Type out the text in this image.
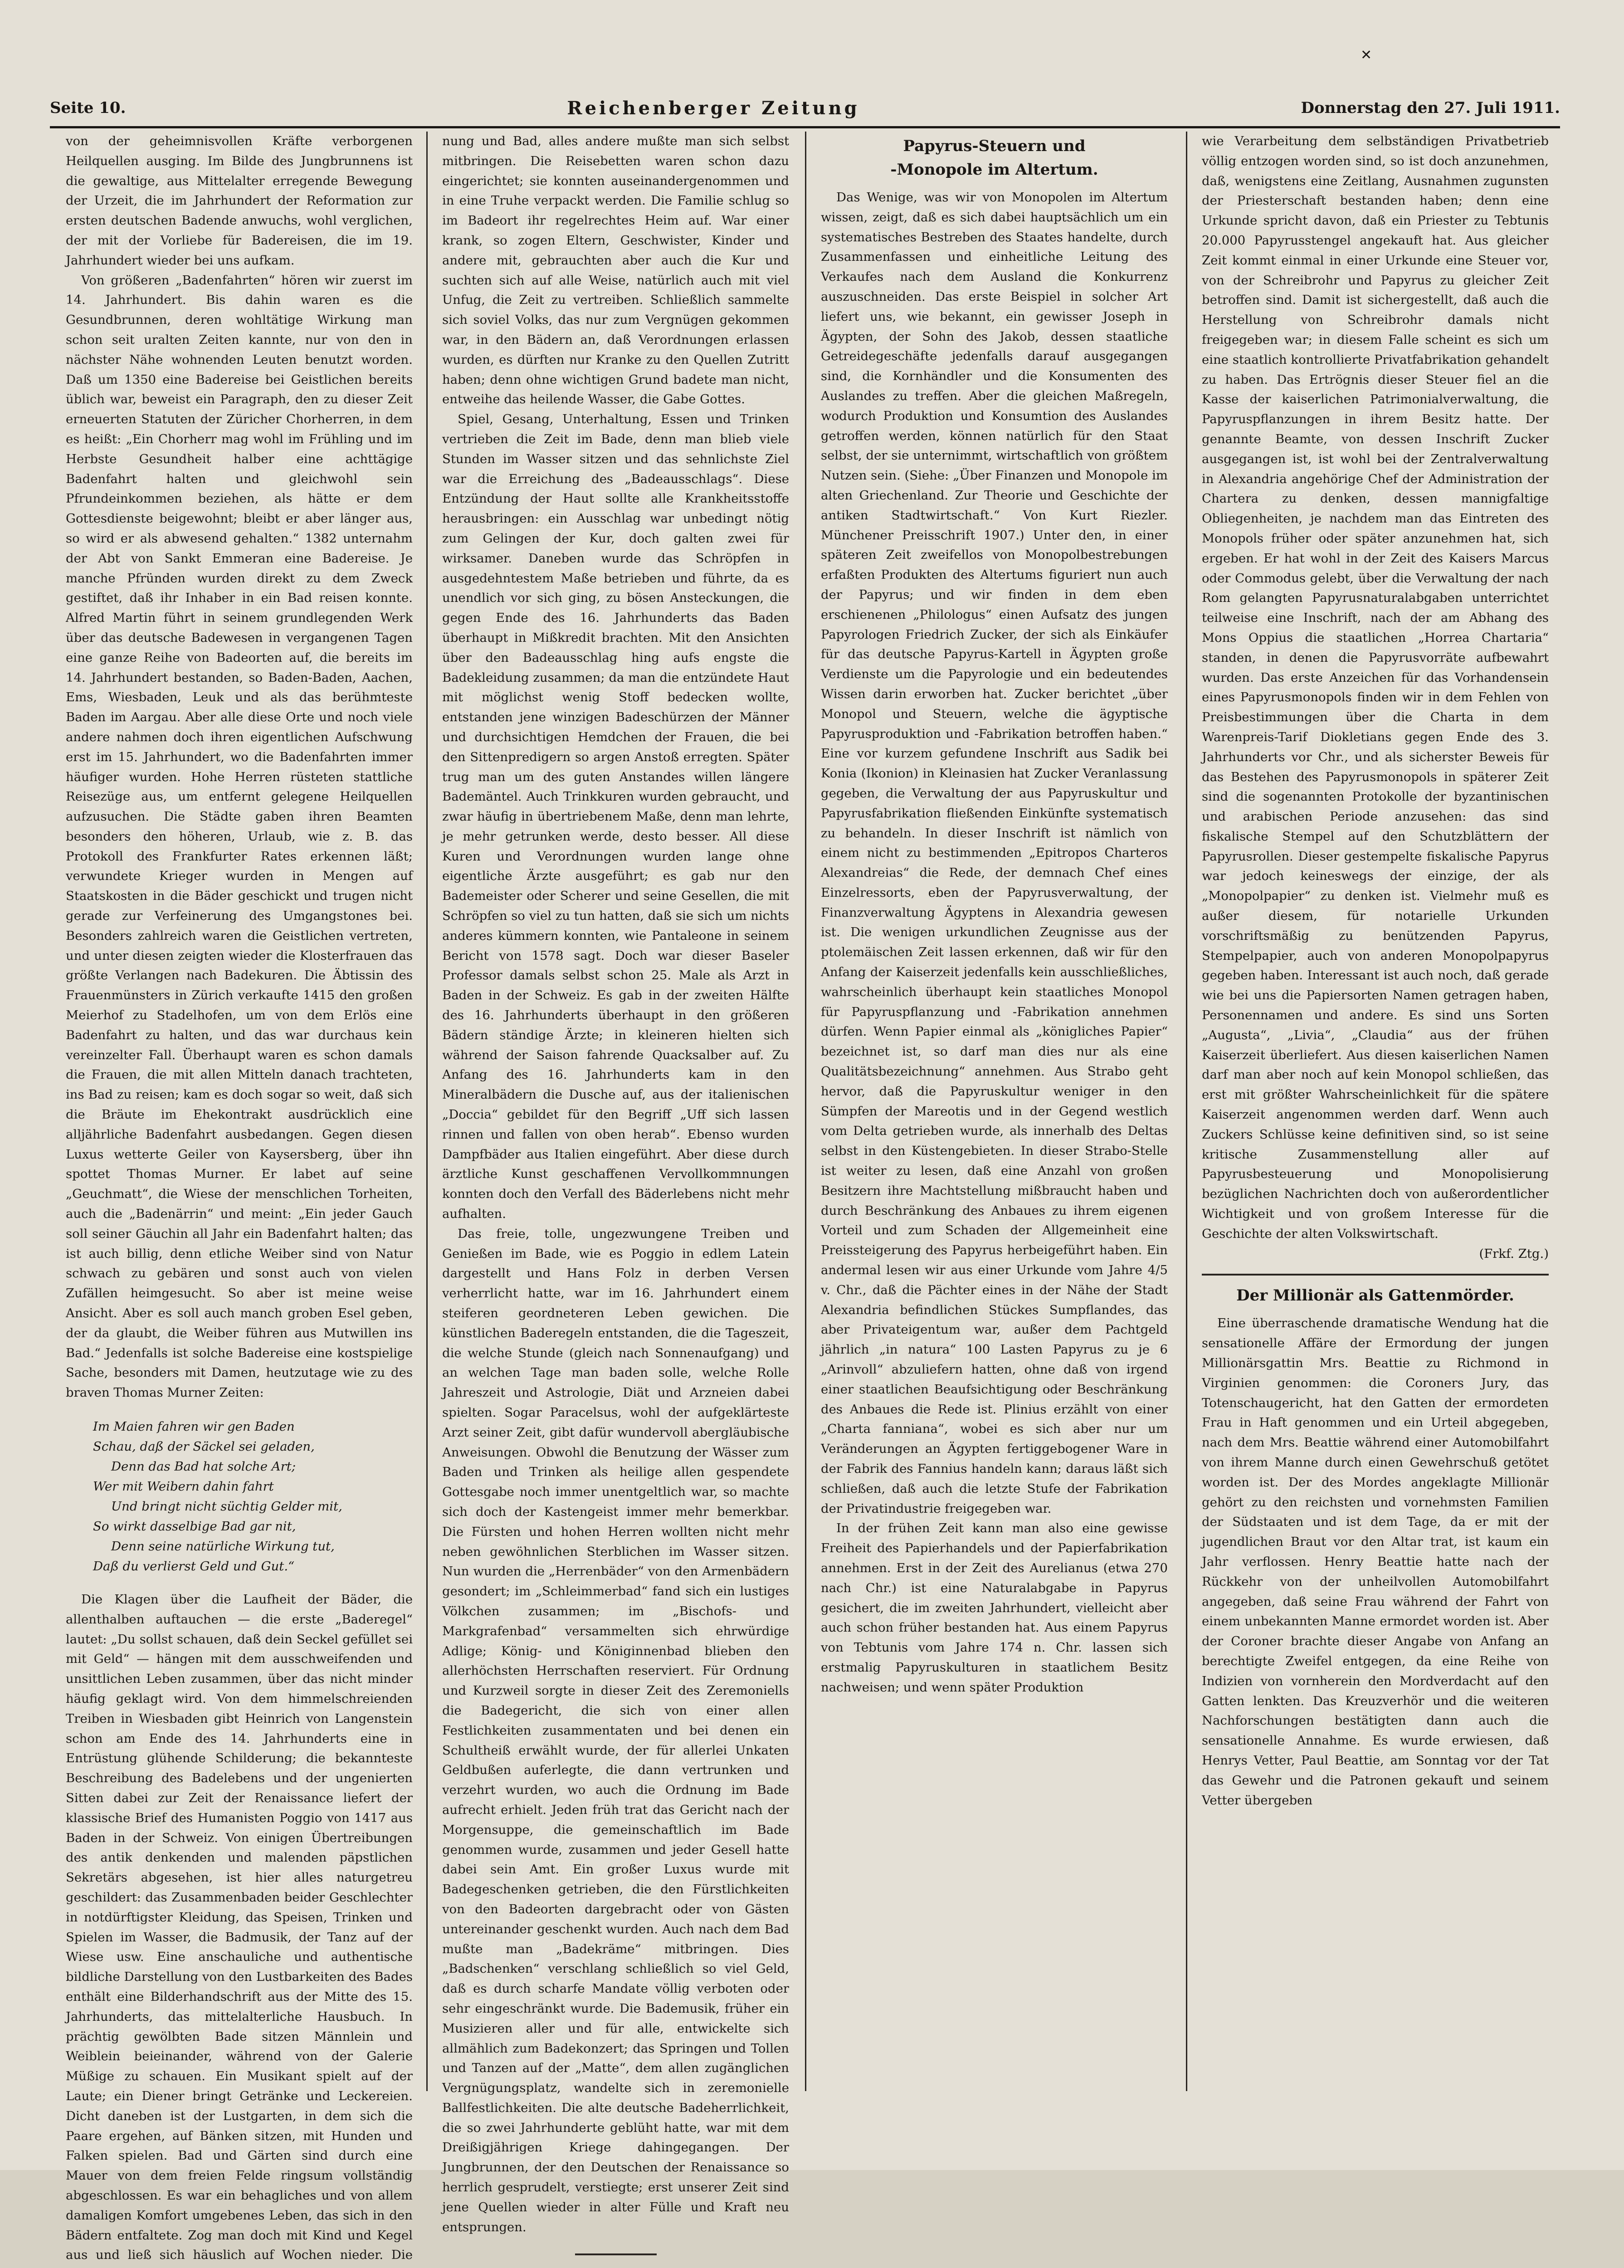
✕
Seite 10.	Reichenberger Zeitung	Donnerstag den 27. Juli 1911.

von der geheimnisvollen Kräfte verborgenen Heilquellen ausging. Im Bilde des Jungbrunnens ist die gewaltige, aus Mittelalter erregende Bewegung der Urzeit, die im Jahrhundert der Reformation zur ersten deutschen Badende anwuchs, wohl verglichen, der mit der Vorliebe für Badereisen, die im 19. Jahrhundert wieder bei uns aufkam.

Von größeren „Badenfahrten“ hören wir zuerst im 14. Jahrhundert. Bis dahin waren es die Gesundbrunnen, deren wohltätige Wirkung man schon seit uralten Zeiten kannte, nur von den in nächster Nähe wohnenden Leuten benutzt worden. Daß um 1350 eine Badereise bei Geistlichen bereits üblich war, beweist ein Paragraph, den zu dieser Zeit erneuerten Statuten der Züricher Chorherren, in dem es heißt: „Ein Chorherr mag wohl im Frühling und im Herbste Gesundheit halber eine achttägige Badenfahrt halten und gleichwohl sein Pfrundeinkommen beziehen, als hätte er dem Gottesdienste beigewohnt; bleibt er aber länger aus, so wird er als abwesend gehalten.“ 1382 unternahm der Abt von Sankt Emmeran eine Badereise. Je manche Pfründen wurden direkt zu dem Zweck gestiftet, daß ihr Inhaber in ein Bad reisen konnte. Alfred Martin führt in seinem grundlegenden Werk über das deutsche Badewesen in vergangenen Tagen eine ganze Reihe von Badeorten auf, die bereits im 14. Jahrhundert bestanden, so Baden-Baden, Aachen, Ems, Wiesbaden, Leuk und als das berühmteste Baden im Aargau. Aber alle diese Orte und noch viele andere nahmen doch ihren eigentlichen Aufschwung erst im 15. Jahrhundert, wo die Badenfahrten immer häufiger wurden. Hohe Herren rüsteten stattliche Reisezüge aus, um entfernt gelegene Heilquellen aufzusuchen. Die Städte gaben ihren Beamten besonders den höheren, Urlaub, wie z. B. das Protokoll des Frankfurter Rates erkennen läßt; verwundete Krieger wurden in Mengen auf Staatskosten in die Bäder geschickt und trugen nicht gerade zur Verfeinerung des Umgangstones bei. Besonders zahlreich waren die Geistlichen vertreten, und unter diesen zeigten wieder die Klosterfrauen das größte Verlangen nach Badekuren. Die Äbtissin des Frauenmünsters in Zürich verkaufte 1415 den großen Meierhof zu Stadelhofen, um von dem Erlös eine Badenfahrt zu halten, und das war durchaus kein vereinzelter Fall. Überhaupt waren es schon damals die Frauen, die mit allen Mitteln danach trachteten, ins Bad zu reisen; kam es doch sogar so weit, daß sich die Bräute im Ehekontrakt ausdrücklich eine alljährliche Badenfahrt ausbedangen. Gegen diesen Luxus wetterte Geiler von Kaysersberg, über ihn spottet Thomas Murner. Er labet auf seine „Geuchmatt“, die Wiese der menschlichen Torheiten, auch die „Badenärrin“ und meint: „Ein jeder Gauch soll seiner Gäuchin all Jahr ein Badenfahrt halten; das ist auch billig, denn etliche Weiber sind von Natur schwach zu gebären und sonst auch von vielen Zufällen heimgesucht. So aber ist meine weise Ansicht. Aber es soll auch manch groben Esel geben, der da glaubt, die Weiber führen aus Mutwillen ins Bad.“ Jedenfalls ist solche Badereise eine kostspielige Sache, besonders mit Damen, heutzutage wie zu des braven Thomas Murner Zeiten:

Im Maien fahren wir gen Baden
Schau, daß der Säckel sei geladen,
Denn das Bad hat solche Art;
Wer mit Weibern dahin fahrt
Und bringt nicht süchtig Gelder mit,
So wirkt dasselbige Bad gar nit,
Denn seine natürliche Wirkung tut,
Daß du verlierst Geld und Gut.“

Die Klagen über die Laufheit der Bäder, die allenthalben auftauchen — die erste „Baderegel“ lautet: „Du sollst schauen, daß dein Seckel gefüllet sei mit Geld“ — hängen mit dem ausschweifenden und unsittlichen Leben zusammen, über das nicht minder häufig geklagt wird. Von dem himmelschreienden Treiben in Wiesbaden gibt Heinrich von Langenstein schon am Ende des 14. Jahrhunderts eine in Entrüstung glühende Schilderung; die bekannteste Beschreibung des Badelebens und der ungenierten Sitten dabei zur Zeit der Renaissance liefert der klassische Brief des Humanisten Poggio von 1417 aus Baden in der Schweiz. Von einigen Übertreibungen des antik denkenden und malenden päpstlichen Sekretärs abgesehen, ist hier alles naturgetreu geschildert: das Zusammenbaden beider Geschlechter in notdürftigster Kleidung, das Speisen, Trinken und Spielen im Wasser, die Badmusik, der Tanz auf der Wiese usw. Eine anschauliche und authentische bildliche Darstellung von den Lustbarkeiten des Bades enthält eine Bilderhandschrift aus der Mitte des 15. Jahrhunderts, das mittelalterliche Hausbuch. In prächtig gewölbten Bade sitzen Männlein und Weiblein beieinander, während von der Galerie Müßige zu schauen. Ein Musikant spielt auf der Laute; ein Diener bringt Getränke und Leckereien. Dicht daneben ist der Lustgarten, in dem sich die Paare ergehen, auf Bänken sitzen, mit Hunden und Falken spielen. Bad und Gärten sind durch eine Mauer von dem freien Felde ringsum vollständig abgeschlossen. Es war ein behagliches und von allem damaligen Komfort umgebenes Leben, das sich in den Bädern entfaltete. Zog man doch mit Kind und Kegel aus und ließ sich häuslich auf Wochen nieder. Die

nung und Bad, alles andere mußte man sich selbst mitbringen. Die Reisebetten waren schon dazu eingerichtet; sie konnten auseinandergenommen und in eine Truhe verpackt werden. Die Familie schlug so im Badeort ihr regelrechtes Heim auf. War einer krank, so zogen Eltern, Geschwister, Kinder und andere mit, gebrauchten aber auch die Kur und suchten sich auf alle Weise, natürlich auch mit viel Unfug, die Zeit zu vertreiben. Schließlich sammelte sich soviel Volks, das nur zum Vergnügen gekommen war, in den Bädern an, daß Verordnungen erlassen wurden, es dürften nur Kranke zu den Quellen Zutritt haben; denn ohne wichtigen Grund badete man nicht, entweihe das heilende Wasser, die Gabe Gottes.

Spiel, Gesang, Unterhaltung, Essen und Trinken vertrieben die Zeit im Bade, denn man blieb viele Stunden im Wasser sitzen und das sehnlichste Ziel war die Erreichung des „Badeausschlags“. Diese Entzündung der Haut sollte alle Krankheitsstoffe herausbringen: ein Ausschlag war unbedingt nötig zum Gelingen der Kur, doch galten zwei für wirksamer. Daneben wurde das Schröpfen in ausgedehntestem Maße betrieben und führte, da es unendlich vor sich ging, zu bösen Ansteckungen, die gegen Ende des 16. Jahrhunderts das Baden überhaupt in Mißkredit brachten. Mit den Ansichten über den Badeausschlag hing aufs engste die Badekleidung zusammen; da man die entzündete Haut mit möglichst wenig Stoff bedecken wollte, entstanden jene winzigen Badeschürzen der Männer und durchsichtigen Hemdchen der Frauen, die bei den Sittenpredigern so argen Anstoß erregten. Später trug man um des guten Anstandes willen längere Bademäntel. Auch Trinkkuren wurden gebraucht, und zwar häufig in übertriebenem Maße, denn man lehrte, je mehr getrunken werde, desto besser. All diese Kuren und Verordnungen wurden lange ohne eigentliche Ärzte ausgeführt; es gab nur den Bademeister oder Scherer und seine Gesellen, die mit Schröpfen so viel zu tun hatten, daß sie sich um nichts anderes kümmern konnten, wie Pantaleone in seinem Bericht von 1578 sagt. Doch war dieser Baseler Professor damals selbst schon 25. Male als Arzt in Baden in der Schweiz. Es gab in der zweiten Hälfte des 16. Jahrhunderts überhaupt in den größeren Bädern ständige Ärzte; in kleineren hielten sich während der Saison fahrende Quacksalber auf. Zu Anfang des 16. Jahrhunderts kam in den Mineralbädern die Dusche auf, aus der italienischen „Doccia“ gebildet für den Begriff „Uff sich lassen rinnen und fallen von oben herab“. Ebenso wurden Dampfbäder aus Italien eingeführt. Aber diese durch ärztliche Kunst geschaffenen Vervollkommnungen konnten doch den Verfall des Bäderlebens nicht mehr aufhalten.

Das freie, tolle, ungezwungene Treiben und Genießen im Bade, wie es Poggio in edlem Latein dargestellt und Hans Folz in derben Versen verherrlicht hatte, war im 16. Jahrhundert einem steiferen geordneteren Leben gewichen. Die künstlichen Baderegeln entstanden, die die Tageszeit, die welche Stunde (gleich nach Sonnenaufgang) und an welchen Tage man baden solle, welche Rolle Jahreszeit und Astrologie, Diät und Arzneien dabei spielten. Sogar Paracelsus, wohl der aufgeklärteste Arzt seiner Zeit, gibt dafür wundervoll abergläubische Anweisungen. Obwohl die Benutzung der Wässer zum Baden und Trinken als heilige allen gespendete Gottesgabe noch immer unentgeltlich war, so machte sich doch der Kastengeist immer mehr bemerkbar. Die Fürsten und hohen Herren wollten nicht mehr neben gewöhnlichen Sterblichen im Wasser sitzen. Nun wurden die „Herrenbäder“ von den Armenbädern gesondert; im „Schleimmerbad“ fand sich ein lustiges Völkchen zusammen; im „Bischofs- und Markgrafenbad“ versammelten sich ehrwürdige Adlige; König- und Königinnenbad blieben den allerhöchsten Herrschaften reserviert. Für Ordnung und Kurzweil sorgte in dieser Zeit des Zeremoniells die Badegericht, die sich von einer allen Festlichkeiten zusammentaten und bei denen ein Schultheiß erwählt wurde, der für allerlei Unkaten Geldbußen auferlegte, die dann vertrunken und verzehrt wurden, wo auch die Ordnung im Bade aufrecht erhielt. Jeden früh trat das Gericht nach der Morgensuppe, die gemeinschaftlich im Bade genommen wurde, zusammen und jeder Gesell hatte dabei sein Amt. Ein großer Luxus wurde mit Badegeschenken getrieben, die den Fürstlichkeiten von den Badeorten dargebracht oder von Gästen untereinander geschenkt wurden. Auch nach dem Bad mußte man „Badekräme“ mitbringen. Dies „Badschenken“ verschlang schließlich so viel Geld, daß es durch scharfe Mandate völlig verboten oder sehr eingeschränkt wurde. Die Bademusik, früher ein Musizieren aller und für alle, entwickelte sich allmählich zum Badekonzert; das Springen und Tollen und Tanzen auf der „Matte“, dem allen zugänglichen Vergnügungsplatz, wandelte sich in zeremonielle Ballfestlichkeiten. Die alte deutsche Badeherrlichkeit, die so zwei Jahrhunderte geblüht hatte, war mit dem Dreißigjährigen Kriege dahingegangen. Der Jungbrunnen, der den Deutschen der Renaissance so herrlich gesprudelt, verstiegte; erst unserer Zeit sind jene Quellen wieder in alter Fülle und Kraft neu entsprungen.

Papyrus-Steuern und
-Monopole im Altertum.

Das Wenige, was wir von Monopolen im Altertum wissen, zeigt, daß es sich dabei hauptsächlich um ein systematisches Bestreben des Staates handelte, durch Zusammenfassen und einheitliche Leitung des Verkaufes nach dem Ausland die Konkurrenz auszuschneiden. Das erste Beispiel in solcher Art liefert uns, wie bekannt, ein gewisser Joseph in Ägypten, der Sohn des Jakob, dessen staatliche Getreidegeschäfte jedenfalls darauf ausgegangen sind, die Kornhändler und die Konsumenten des Auslandes zu treffen. Aber die gleichen Maßregeln, wodurch Produktion und Konsumtion des Auslandes getroffen werden, können natürlich für den Staat selbst, der sie unternimmt, wirtschaftlich von größtem Nutzen sein. (Siehe: „Über Finanzen und Monopole im alten Griechenland. Zur Theorie und Geschichte der antiken Stadtwirtschaft.“ Von Kurt Riezler. Münchener Preisschrift 1907.) Unter den, in einer späteren Zeit zweifellos von Monopolbestrebungen erfaßten Produkten des Altertums figuriert nun auch der Papyrus; und wir finden in dem eben erschienenen „Philologus“ einen Aufsatz des jungen Papyrologen Friedrich Zucker, der sich als Einkäufer für das deutsche Papyrus-Kartell in Ägypten große Verdienste um die Papyrologie und ein bedeutendes Wissen darin erworben hat. Zucker berichtet „über Monopol und Steuern, welche die ägyptische Papyrusproduktion und -Fabrikation betroffen haben.“ Eine vor kurzem gefundene Inschrift aus Sadik bei Konia (Ikonion) in Kleinasien hat Zucker Veranlassung gegeben, die Verwaltung der aus Papyruskultur und Papyrusfabrikation fließenden Einkünfte systematisch zu behandeln. In dieser Inschrift ist nämlich von einem nicht zu bestimmenden „Epitropos Charteros Alexandreias“ die Rede, der demnach Chef eines Einzelressorts, eben der Papyrusverwaltung, der Finanzverwaltung Ägyptens in Alexandria gewesen ist. Die wenigen urkundlichen Zeugnisse aus der ptolemäischen Zeit lassen erkennen, daß wir für den Anfang der Kaiserzeit jedenfalls kein ausschließliches, wahrscheinlich überhaupt kein staatliches Monopol für Papyruspflanzung und -Fabrikation annehmen dürfen. Wenn Papier einmal als „königliches Papier“ bezeichnet ist, so darf man dies nur als eine Qualitätsbezeichnung“ annehmen. Aus Strabo geht hervor, daß die Papyruskultur weniger in den Sümpfen der Mareotis und in der Gegend westlich vom Delta getrieben wurde, als innerhalb des Deltas selbst in den Küstengebieten. In dieser Strabo-Stelle ist weiter zu lesen, daß eine Anzahl von großen Besitzern ihre Machtstellung mißbraucht haben und durch Beschränkung des Anbaues zu ihrem eigenen Vorteil und zum Schaden der Allgemeinheit eine Preissteigerung des Papyrus herbeigeführt haben. Ein andermal lesen wir aus einer Urkunde vom Jahre 4/5 v. Chr., daß die Pächter eines in der Nähe der Stadt Alexandria befindlichen Stückes Sumpflandes, das aber Privateigentum war, außer dem Pachtgeld jährlich „in natura“ 100 Lasten Papyrus zu je 6 „Arinvoll“ abzuliefern hatten, ohne daß von irgend einer staatlichen Beaufsichtigung oder Beschränkung des Anbaues die Rede ist. Plinius erzählt von einer „Charta fanniana“, wobei es sich aber nur um Veränderungen an Ägypten fertiggebogener Ware in der Fabrik des Fannius handeln kann; daraus läßt sich schließen, daß auch die letzte Stufe der Fabrikation der Privatindustrie freigegeben war.

In der frühen Zeit kann man also eine gewisse Freiheit des Papierhandels und der Papierfabrikation annehmen. Erst in der Zeit des Aurelianus (etwa 270 nach Chr.) ist eine Naturalabgabe in Papyrus gesichert, die im zweiten Jahrhundert, vielleicht aber auch schon früher bestanden hat. Aus einem Papyrus von Tebtunis vom Jahre 174 n. Chr. lassen sich erstmalig Papyruskulturen in staatlichem Besitz nachweisen; und wenn später Produktion

wie Verarbeitung dem selbständigen Privatbetrieb völlig entzogen worden sind, so ist doch anzunehmen, daß, wenigstens eine Zeitlang, Ausnahmen zugunsten der Priesterschaft bestanden haben; denn eine Urkunde spricht davon, daß ein Priester zu Tebtunis 20.000 Papyrusstengel angekauft hat. Aus gleicher Zeit kommt einmal in einer Urkunde eine Steuer vor, von der Schreibrohr und Papyrus zu gleicher Zeit betroffen sind. Damit ist sichergestellt, daß auch die Herstellung von Schreibrohr damals nicht freigegeben war; in diesem Falle scheint es sich um eine staatlich kontrollierte Privatfabrikation gehandelt zu haben. Das Ertrögnis dieser Steuer fiel an die Kasse der kaiserlichen Patrimonialverwaltung, die Papyruspflanzungen in ihrem Besitz hatte. Der genannte Beamte, von dessen Inschrift Zucker ausgegangen ist, ist wohl bei der Zentralverwaltung in Alexandria angehörige Chef der Administration der Chartera zu denken, dessen mannigfaltige Obliegenheiten, je nachdem man das Eintreten des Monopols früher oder später anzunehmen hat, sich ergeben. Er hat wohl in der Zeit des Kaisers Marcus oder Commodus gelebt, über die Verwaltung der nach Rom gelangten Papyrusnaturalabgaben unterrichtet teilweise eine Inschrift, nach der am Abhang des Mons Oppius die staatlichen „Horrea Chartaria“ standen, in denen die Papyrusvorräte aufbewahrt wurden. Das erste Anzeichen für das Vorhandensein eines Papyrusmonopols finden wir in dem Fehlen von Preisbestimmungen über die Charta in dem Warenpreis-Tarif Diokletians gegen Ende des 3. Jahrhunderts vor Chr., und als sicherster Beweis für das Bestehen des Papyrusmonopols in späterer Zeit sind die sogenannten Protokolle der byzantinischen und arabischen Periode anzusehen: das sind fiskalische Stempel auf den Schutzblättern der Papyrusrollen. Dieser gestempelte fiskalische Papyrus war jedoch keineswegs der einzige, der als „Monopolpapier“ zu denken ist. Vielmehr muß es außer diesem, für notarielle Urkunden vorschriftsmäßig zu benützenden Papyrus, Stempelpapier, auch von anderen Monopolpapyrus gegeben haben. Interessant ist auch noch, daß gerade wie bei uns die Papiersorten Namen getragen haben, Personennamen und andere. Es sind uns Sorten „Augusta“, „Livia“, „Claudia“ aus der frühen Kaiserzeit überliefert. Aus diesen kaiserlichen Namen darf man aber noch auf kein Monopol schließen, das erst mit größter Wahrscheinlichkeit für die spätere Kaiserzeit angenommen werden darf. Wenn auch Zuckers Schlüsse keine definitiven sind, so ist seine kritische Zusammenstellung aller auf Papyrusbesteuerung und Monopolisierung bezüglichen Nachrichten doch von außerordentlicher Wichtigkeit und von großem Interesse für die Geschichte der alten Volkswirtschaft.

(Frkf. Ztg.)

Der Millionär als Gattenmörder.

Eine überraschende dramatische Wendung hat die sensationelle Affäre der Ermordung der jungen Millionärsgattin Mrs. Beattie zu Richmond in Virginien genommen: die Coroners Jury, das Totenschaugericht, hat den Gatten der ermordeten Frau in Haft genommen und ein Urteil abgegeben, nach dem Mrs. Beattie während einer Automobilfahrt von ihrem Manne durch einen Gewehrschuß getötet worden ist. Der des Mordes angeklagte Millionär gehört zu den reichsten und vornehmsten Familien der Südstaaten und ist dem Tage, da er mit der jugendlichen Braut vor den Altar trat, ist kaum ein Jahr verflossen. Henry Beattie hatte nach der Rückkehr von der unheilvollen Automobilfahrt angegeben, daß seine Frau während der Fahrt von einem unbekannten Manne ermordet worden ist. Aber der Coroner brachte dieser Angabe von Anfang an berechtigte Zweifel entgegen, da eine Reihe von Indizien von vornherein den Mordverdacht auf den Gatten lenkten. Das Kreuzverhör und die weiteren Nachforschungen bestätigten dann auch die sensationelle Annahme. Es wurde erwiesen, daß Henrys Vetter, Paul Beattie, am Sonntag vor der Tat das Gewehr und die Patronen gekauft und seinem Vetter übergeben
